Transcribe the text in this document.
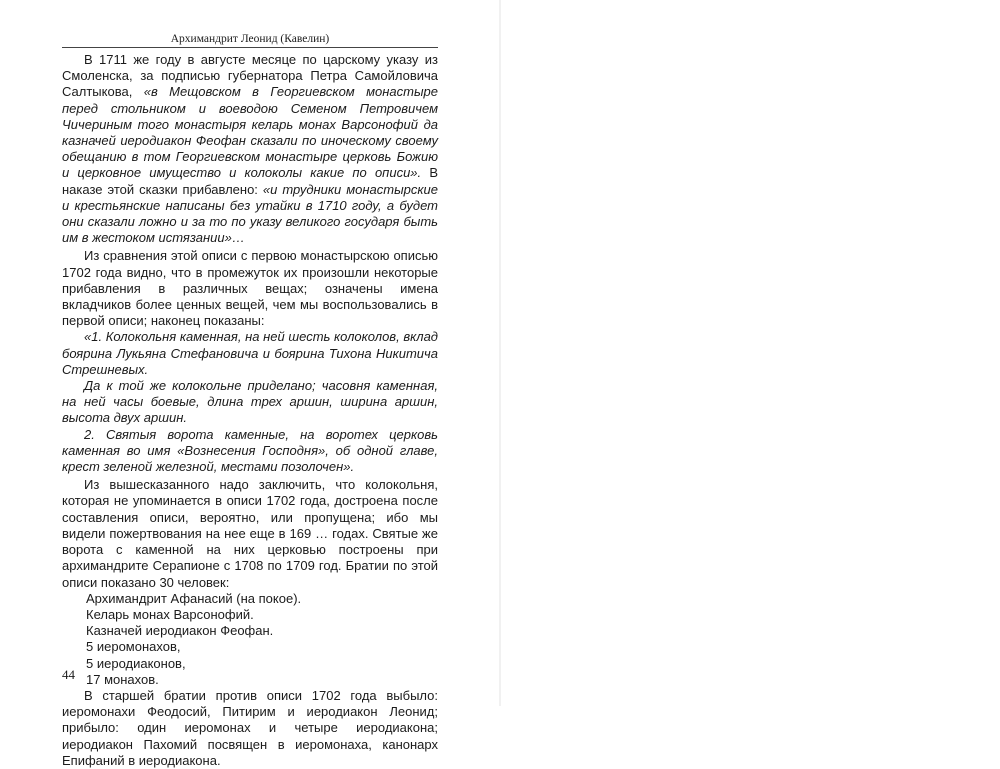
Архимандрит Леонид (Кавелин)

В 1711 же году в августе месяце по царскому указу из Смоленска, за подписью губернатора Петра Самойловича Салтыкова, «в Мещовском в Георгиевском монастыре перед стольником и воеводою Семеном Петровичем Чичериным того монастыря келарь монах Варсонофий да казначей иеродиакон Феофан сказали по иноческому своему обещанию в том Георгиевском монастыре церковь Божию и церковное имущество и колоколы какие по описи». В наказе этой сказки прибавлено: «и трудники монастырские и крестьянские написаны без утайки в 1710 году, а будет они сказали ложно и за то по указу великого государя быть им в жестоком истязании»…

Из сравнения этой описи с первою монастырскою описью 1702 года видно, что в промежуток их произошли некоторые прибавления в различных вещах; означены имена вкладчиков более ценных вещей, чем мы воспользовались в первой описи; наконец показаны:

«1. Колокольня каменная, на ней шесть колоколов, вклад боярина Лукьяна Стефановича и боярина Тихона Никитича Стрешневых.

Да к той же колокольне приделано; часовня каменная, на ней часы боевые, длина трех аршин, ширина аршин, высота двух аршин.

2. Святыя ворота каменные, на воротех церковь каменная во имя «Вознесения Господня», об одной главе, крест зеленой железной, местами позолочен».

Из вышесказанного надо заключить, что колокольня, которая не упоминается в описи 1702 года, достроена после составления описи, вероятно, или пропущена; ибо мы видели пожертвования на нее еще в 169 … годах. Святые же ворота с каменной на них церковью построены при архимандрите Серапионе с 1708 по 1709 год. Братии по этой описи показано 30 человек:

Архимандрит Афанасий (на покое).
Келарь монах Варсонофий.
Казначей иеродиакон Феофан.
5 иеромонахов,
5 иеродиаконов,
17 монахов.

В старшей братии против описи 1702 года выбыло: иеромонахи Феодосий, Питирим и иеродиакон Леонид; прибыло: один иеромонах и четыре иеродиакона; иеродиакон Пахомий посвящен в иеромонаха, канонарх Епифаний в иеродиакона.

44
